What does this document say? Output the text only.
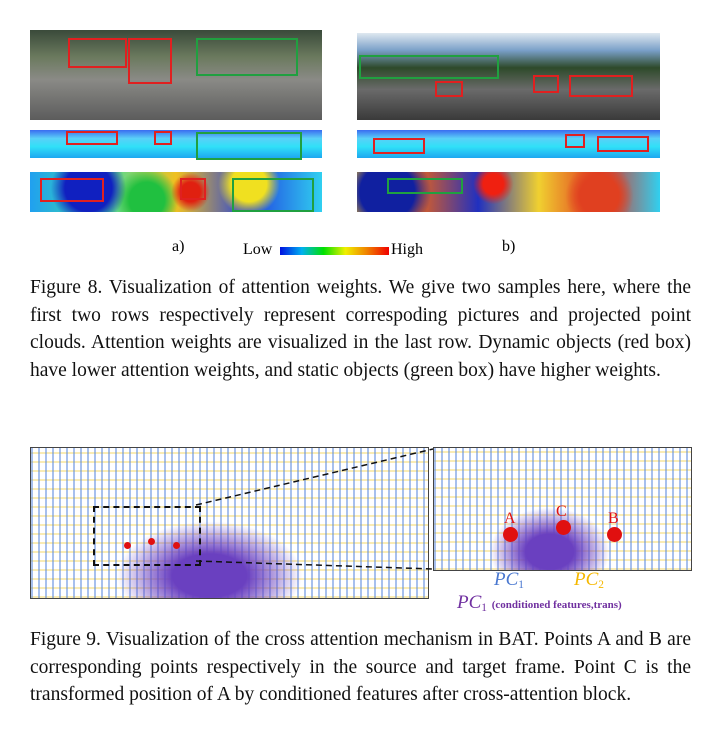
a)	Low	High	b)
Figure 8. Visualization of attention weights. We give two samples here, where the first two rows respectively represent correspoding pictures and projected point clouds. Attention weights are visualized in the last row. Dynamic objects (red box) have lower attention weights, and static objects (green box) have higher weights.
A	C	B
$PC_1$	$PC_2$
$PC_1$ (conditioned features,trans)
Figure 9. Visualization of the cross attention mechanism in BAT. Points A and B are corresponding points respectively in the source and target frame. Point C is the transformed position of A by conditioned features after cross-attention block.
